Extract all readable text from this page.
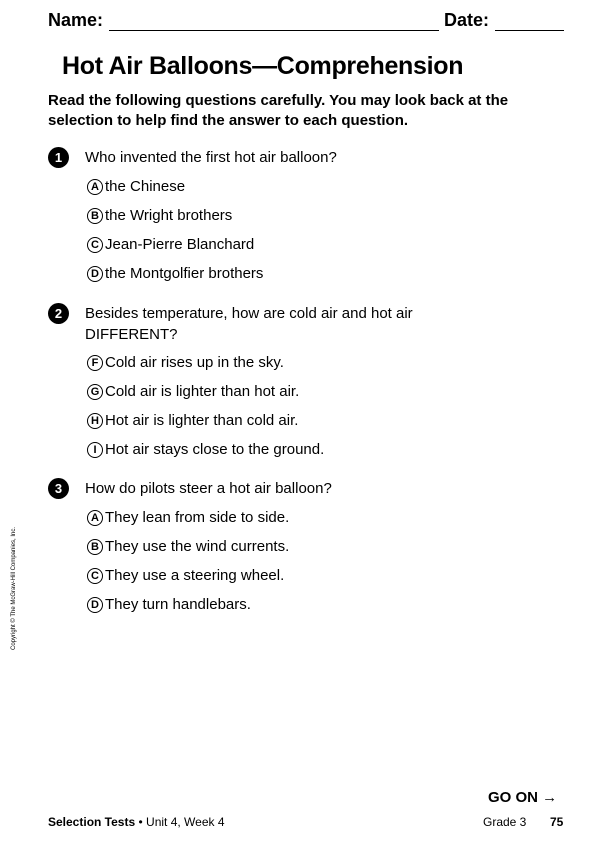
Name:	Date:
Hot Air Balloons—Comprehension

Read the following questions carefully. You may look back at the selection to help find the answer to each question.

1	Who invented the first hot air balloon?
A the Chinese
B the Wright brothers
C Jean-Pierre Blanchard
D the Montgolfier brothers
2	Besides temperature, how are cold air and hot air DIFFERENT?
F Cold air rises up in the sky.
G Cold air is lighter than hot air.
H Hot air is lighter than cold air.
I Hot air stays close to the ground.
3	How do pilots steer a hot air balloon?
A They lean from side to side.
B They use the wind currents.
C They use a steering wheel.
D They turn handlebars.
Copyright © The McGraw-Hill Companies, Inc.
GO ON →
Selection Tests • Unit 4, Week 4	Grade 3 75
